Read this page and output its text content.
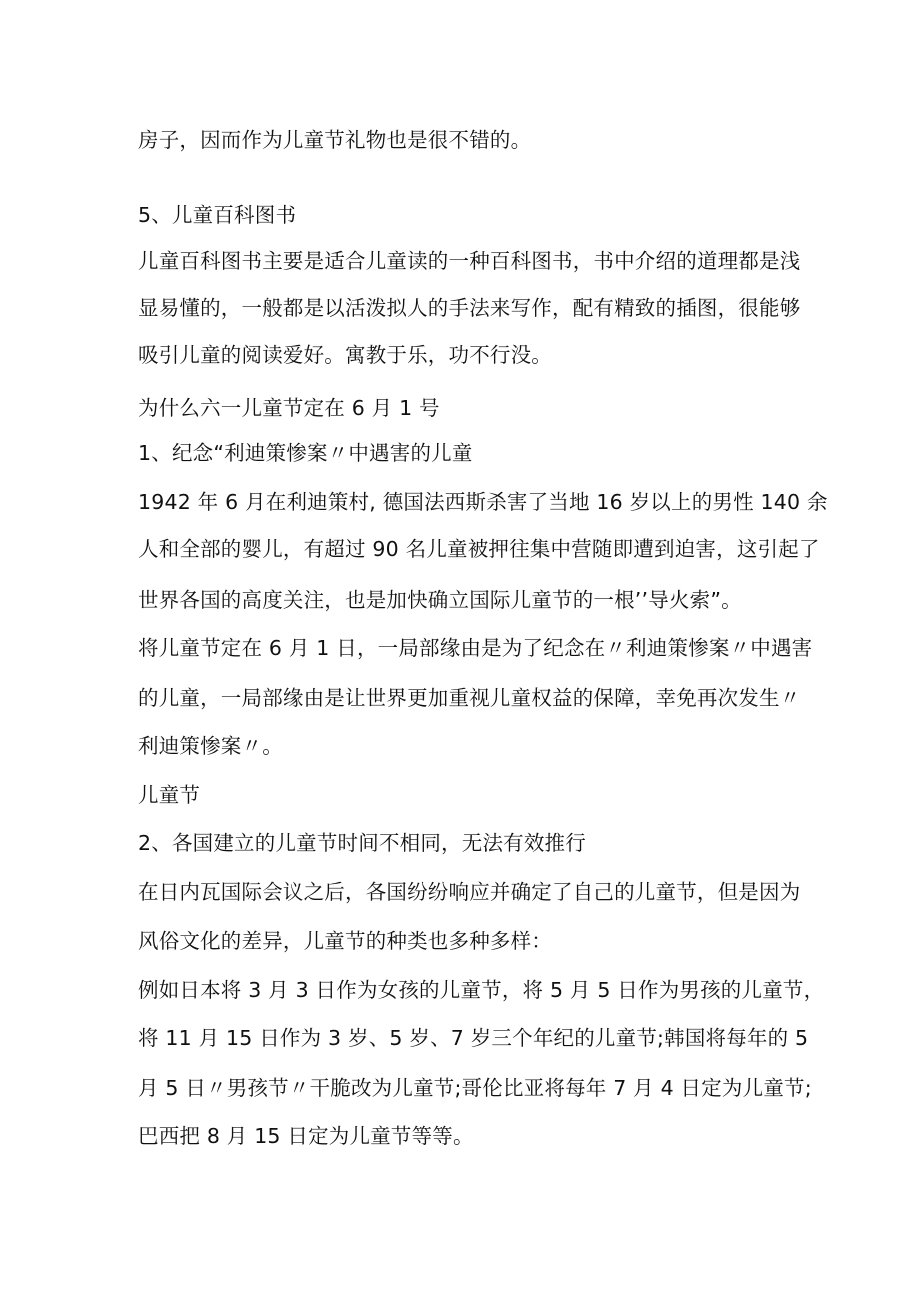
房子，因而作为儿童节礼物也是很不错的。
5、儿童百科图书
儿童百科图书主要是适合儿童读的一种百科图书，书中介绍的道理都是浅
显易懂的，一般都是以活泼拟人的手法来写作，配有精致的插图，很能够
吸引儿童的阅读爱好。寓教于乐，功不行没。
为什么六一儿童节定在 6 月 1 号
1、纪念“利迪策惨案〃中遇害的儿童
1942 年 6 月在利迪策村, 德国法西斯杀害了当地 16 岁以上的男性 140 余
人和全部的婴儿，有超过 90 名儿童被押往集中营随即遭到迫害，这引起了
世界各国的高度关注，也是加快确立国际儿童节的一根’’导火索”。
将儿童节定在 6 月 1 日，一局部缘由是为了纪念在〃利迪策惨案〃中遇害
的儿童，一局部缘由是让世界更加重视儿童权益的保障，幸免再次发生〃
利迪策惨案〃。
儿童节
2、各国建立的儿童节时间不相同，无法有效推行
在日内瓦国际会议之后，各国纷纷响应并确定了自己的儿童节，但是因为
风俗文化的差异，儿童节的种类也多种多样：
例如日本将 3 月 3 日作为女孩的儿童节，将 5 月 5 日作为男孩的儿童节，
将 11 月 15 日作为 3 岁、5 岁、7 岁三个年纪的儿童节;韩国将每年的 5
月 5 日〃男孩节〃干脆改为儿童节;哥伦比亚将每年 7 月 4 日定为儿童节;
巴西把 8 月 15 日定为儿童节等等。
